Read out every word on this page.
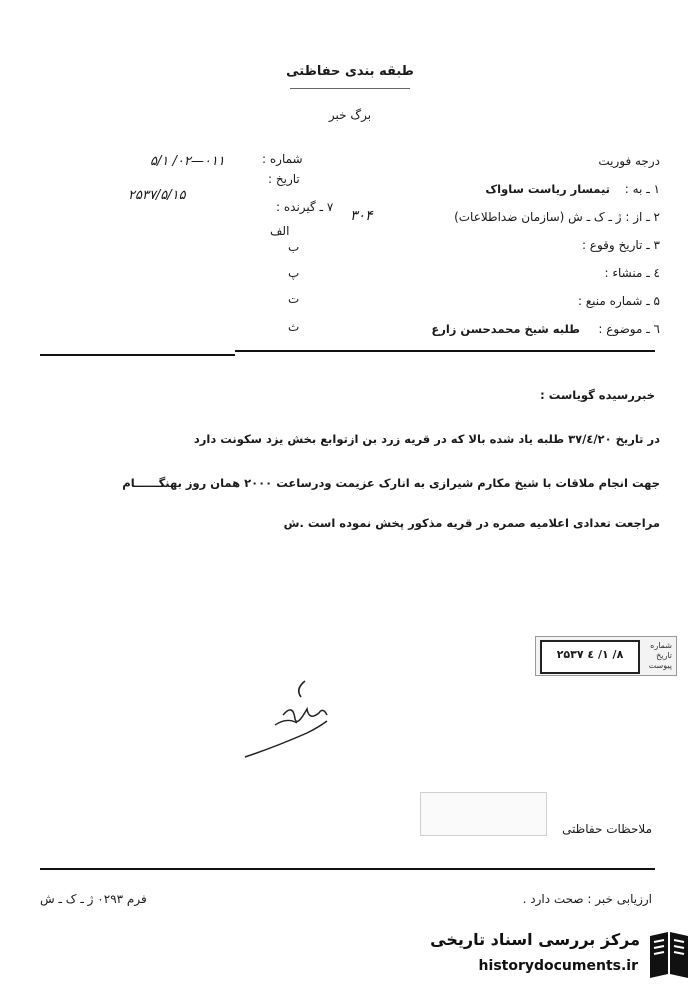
طبقه بندی حفاظتی
برگ خبر
شماره :
۰۱۱—۰۲/ ۵/۱
تاریخ :
۲۵۳۷/۵/۱۵
درجه فوریت
۱ ـ به :
تیمسار ریاست ساواک
۲ ـ از : ژ ـ ک ـ ش (سازمان ضداطلاعات)
۳۰۴
۳ ـ تاریخ وقوع :
٤ ـ منشاء :
۵ ـ شماره منبع :
٦ ـ موضوع :
طلبه شیخ محمدحسن زارع
۷ ـ گیرنده :
الف
ب
پ
ت
ث
خبررسیده گویاست :
در تاریخ ۳۷/٤/۲۰ طلبه یاد شده بالا که در قریه زرد بن ازتوابع بخش یزد سکونت دارد
جهت انجام ملاقات با شیخ مکارم شیرازی به انارک عزیمت ودرساعت ۲۰۰۰ همان روز بهنگــــــام
مراجعت تعدادی اعلامیه صمره در قریه مذکور پخش نموده است .ش
۸/ ۱/ ٤ ۲۵۳۷
شماره
تاریخ
پیوست
نادری
ملاحظات حفاظتی
ارزیابی خبر : صحت دارد .
فرم ۰۲۹۳ ژ ـ ک ـ ش
مرکز بررسی اسناد تاریخی
historydocuments.ir
